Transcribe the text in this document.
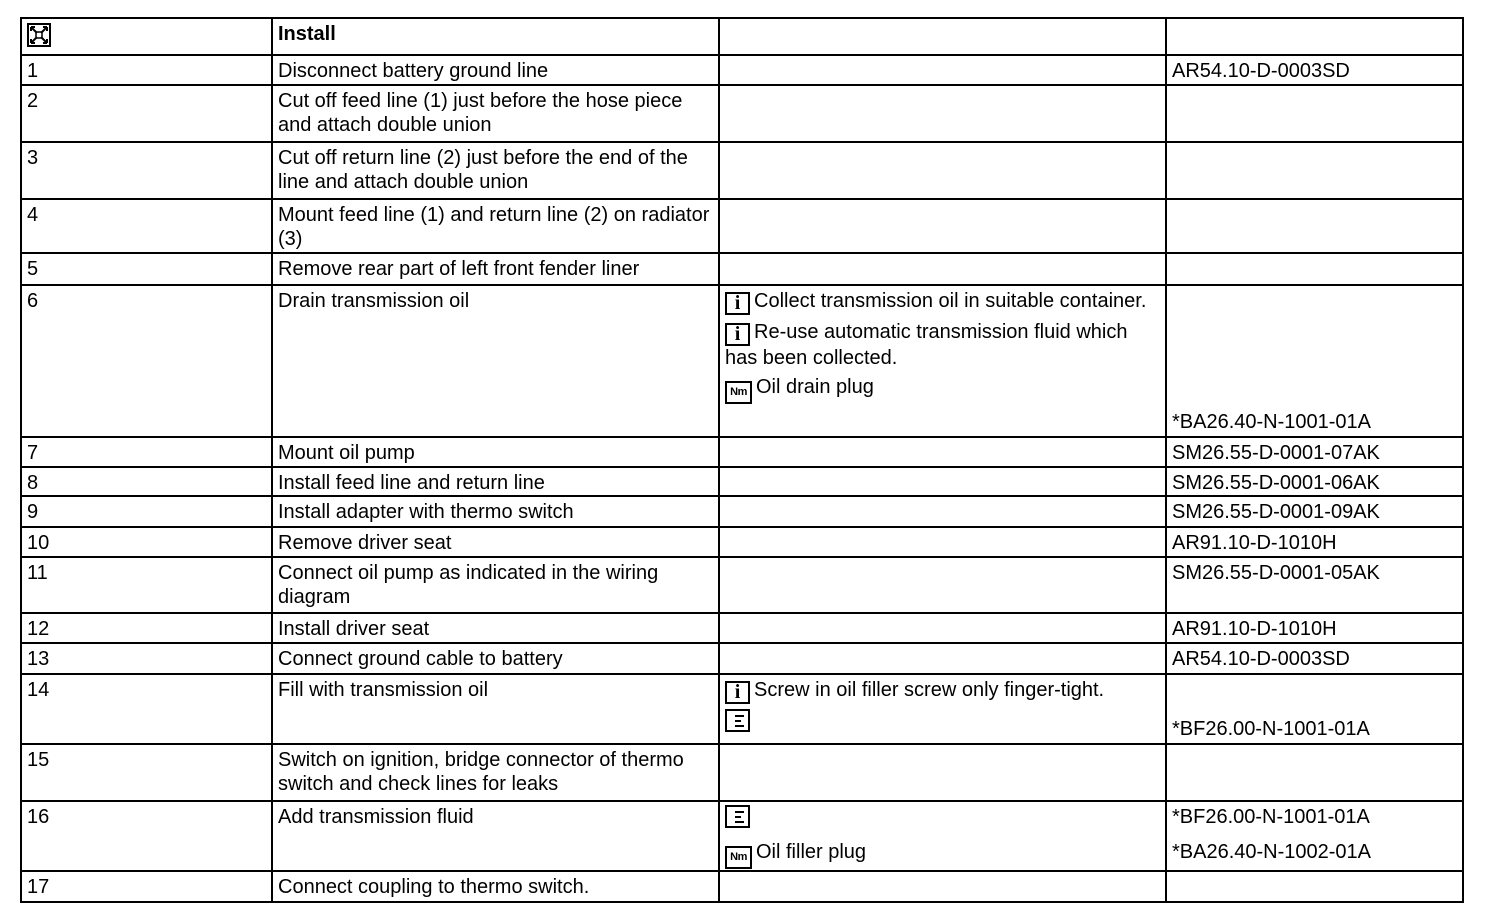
	Install		
1	Disconnect battery ground line		AR54.10-D-0003SD
2	Cut off feed line (1) just before the hose piece and attach double union		
3	Cut off return line (2) just before the end of the line and attach double union		
4	Mount feed line (1) and return line (2) on radiator (3)		
5	Remove rear part of left front fender liner		
6	Drain transmission oil	i Collect transmission oil in suitable container.
i Re-use automatic transmission fluid which has been collected.
Nm Oil drain plug	*BA26.40-N-1001-01A

7	Mount oil pump		SM26.55-D-0001-07AK
8	Install feed line and return line		SM26.55-D-0001-06AK
9	Install adapter with thermo switch		SM26.55-D-0001-09AK
10	Remove driver seat		AR91.10-D-1010H
11	Connect oil pump as indicated in the wiring diagram		SM26.55-D-0001-05AK
12	Install driver seat		AR91.10-D-1010H
13	Connect ground cable to battery		AR54.10-D-0003SD
14	Fill with transmission oil	i Screw in oil filler screw only finger-tight.	*BF26.00-N-1001-01A

15	Switch on ignition, bridge connector of thermo switch and check lines for leaks		
16	Add transmission fluid	Nm Oil filler plug	*BF26.00-N-1001-01A
*BA26.40-N-1002-01A

17	Connect coupling to thermo switch.		
